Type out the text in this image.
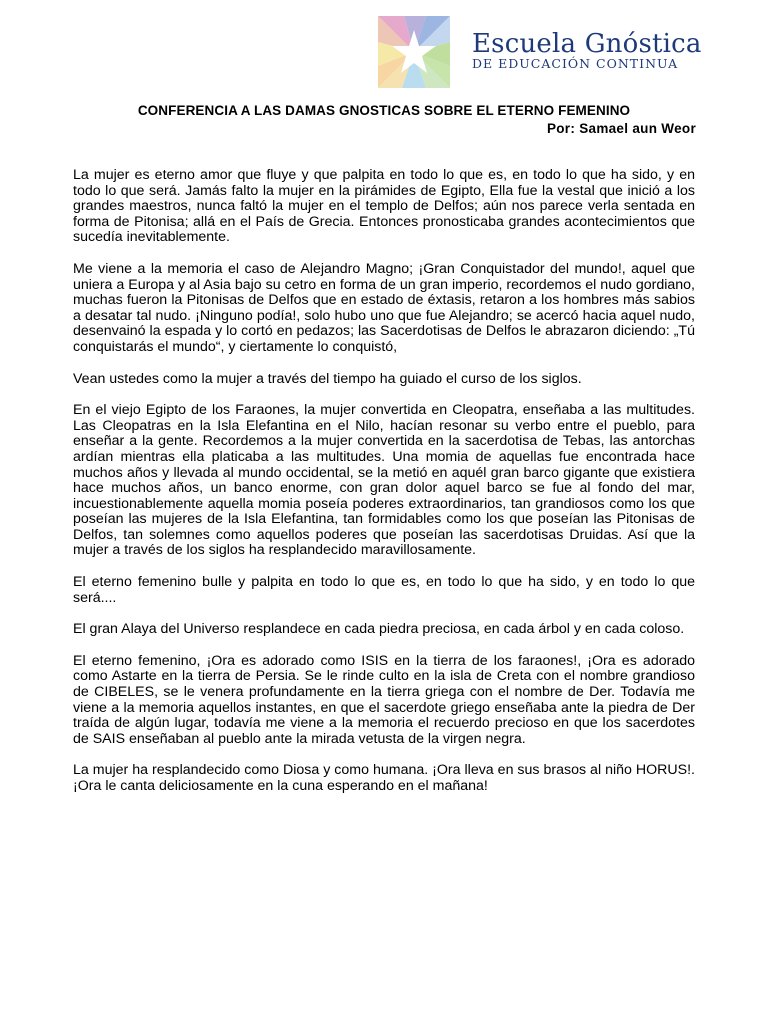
Escuela Gnóstica
DE EDUCACIÓN CONTINUA
CONFERENCIA A LAS DAMAS GNOSTICAS SOBRE EL ETERNO FEMENINO
Por: Samael aun Weor

La mujer es eterno amor que fluye y que palpita en todo lo que es, en todo lo que ha sido, y en todo lo que será. Jamás falto la mujer en la pirámides de Egipto, Ella fue la vestal que inició a los grandes maestros, nunca faltó la mujer en el templo de Delfos; aún nos parece verla sentada en forma de Pitonisa; allá en el País de Grecia. Entonces pronosticaba grandes acontecimientos que sucedía inevitablemente.

Me viene a la memoria el caso de Alejandro Magno; ¡Gran Conquistador del mundo!, aquel que uniera a Europa y al Asia bajo su cetro en forma de un gran imperio, recordemos el nudo gordiano, muchas fueron la Pitonisas de Delfos que en estado de éxtasis, retaron a los hombres más sabios a desatar tal nudo. ¡Ninguno podía!, solo hubo uno que fue Alejandro; se acercó hacia aquel nudo, desenvainó la espada y lo cortó en pedazos; las Sacerdotisas de Delfos le abrazaron diciendo: „Tú conquistarás el mundo“, y ciertamente lo conquistó,

Vean ustedes como la mujer a través del tiempo ha guiado el curso de los siglos.

En el viejo Egipto de los Faraones, la mujer convertida en Cleopatra, enseñaba a las multitudes. Las Cleopatras en la Isla Elefantina en el Nilo, hacían resonar su verbo entre el pueblo, para enseñar a la gente. Recordemos a la mujer convertida en la sacerdotisa de Tebas, las antorchas ardían mientras ella platicaba a las multitudes. Una momia de aquellas fue encontrada hace muchos años y llevada al mundo occidental, se la metió en aquél gran barco gigante que existiera hace muchos años, un banco enorme, con gran dolor aquel barco se fue al fondo del mar, incuestionablemente aquella momia poseía poderes extraordinarios, tan grandiosos como los que poseían las mujeres de la Isla Elefantina, tan formidables como los que poseían las Pitonisas de Delfos, tan solemnes como aquellos poderes que poseían las sacerdotisas Druidas. Así que la mujer a través de los siglos ha resplandecido maravillosamente.

El eterno femenino bulle y palpita en todo lo que es, en todo lo que ha sido, y en todo lo que será....

El gran Alaya del Universo resplandece en cada piedra preciosa, en cada árbol y en cada coloso.

El eterno femenino, ¡Ora es adorado como ISIS en la tierra de los faraones!, ¡Ora es adorado como Astarte en la tierra de Persia. Se le rinde culto en la isla de Creta con el nombre grandioso de CIBELES, se le venera profundamente en la tierra griega con el nombre de Der. Todavía me viene a la memoria aquellos instantes, en que el sacerdote griego enseñaba ante la piedra de Der traída de algún lugar, todavía me viene a la memoria el recuerdo precioso en que los sacerdotes de SAIS enseñaban al pueblo ante la mirada vetusta de la virgen negra.

La mujer ha resplandecido como Diosa y como humana. ¡Ora lleva en sus brasos al niño HORUS!. ¡Ora le canta deliciosamente en la cuna esperando en el mañana!
